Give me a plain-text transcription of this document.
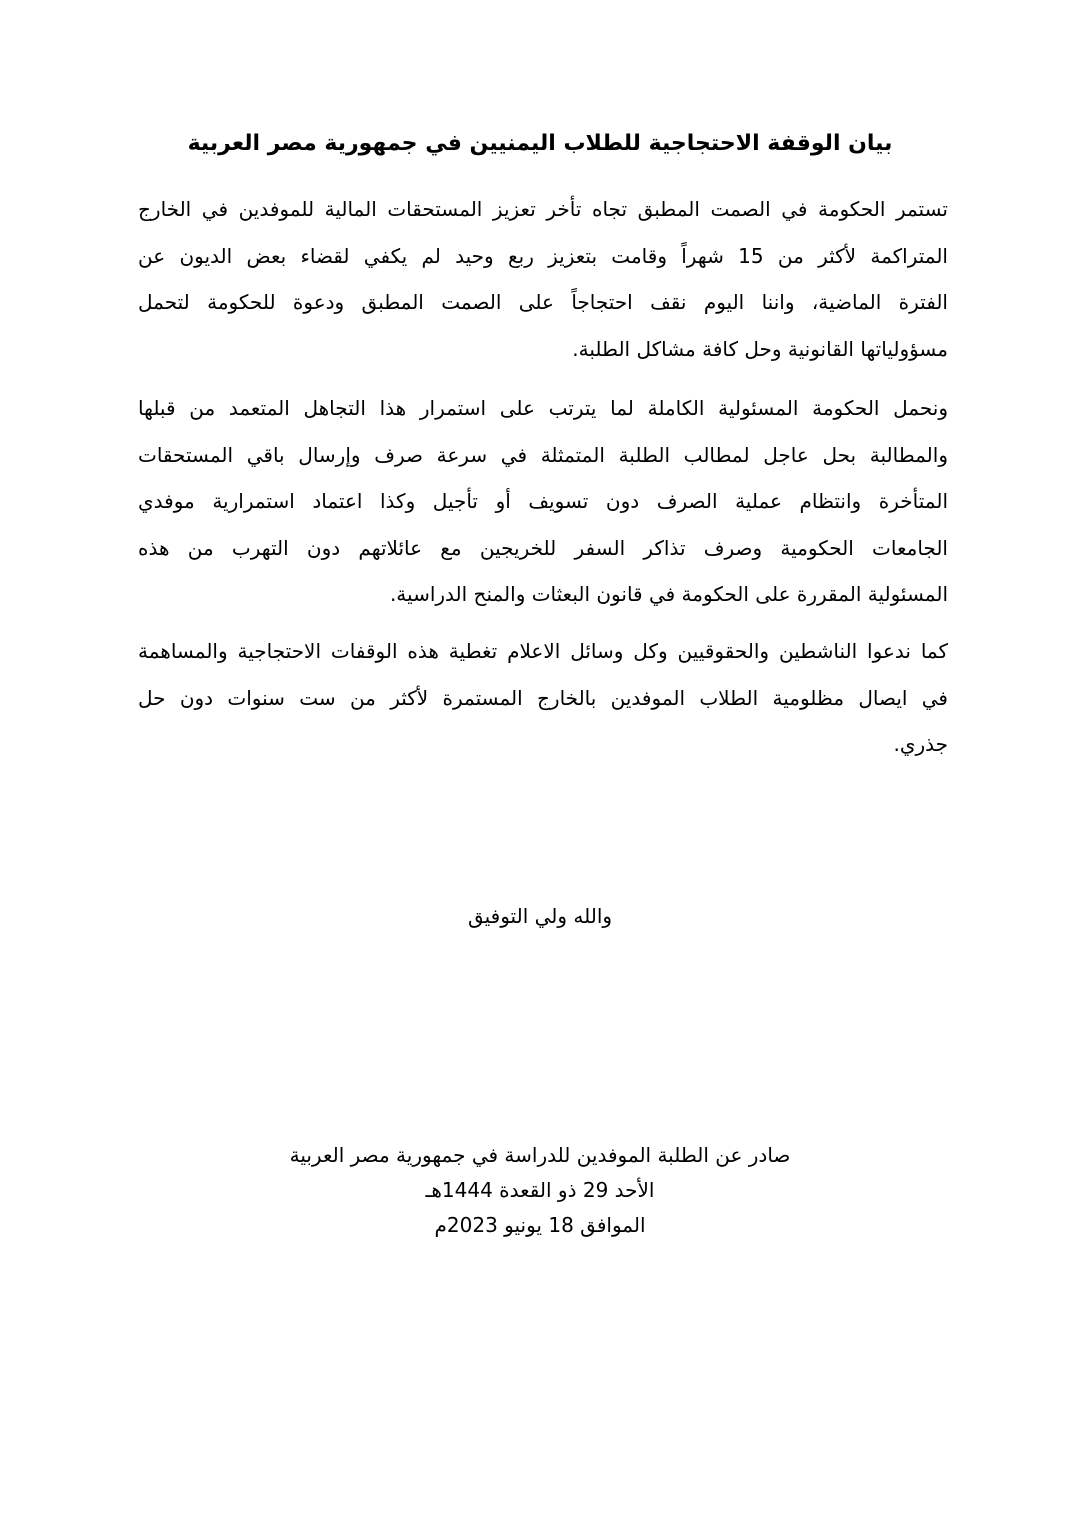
بيان الوقفة الاحتجاجية للطلاب اليمنيين في جمهورية مصر العربية
تستمر الحكومة في الصمت المطبق تجاه تأخر تعزيز المستحقات المالية للموفدين في الخارج
المتراكمة لأكثر من 15 شهراً وقامت بتعزيز ربع وحيد لم يكفي لقضاء بعض الديون عن
الفترة الماضية، واننا اليوم نقف احتجاجاً على الصمت المطبق ودعوة للحكومة لتحمل
مسؤولياتها القانونية وحل كافة مشاكل الطلبة.
ونحمل الحكومة المسئولية الكاملة لما يترتب على استمرار هذا التجاهل المتعمد من قبلها
والمطالبة بحل عاجل لمطالب الطلبة المتمثلة في سرعة صرف وإرسال باقي المستحقات
المتأخرة وانتظام عملية الصرف دون تسويف أو تأجيل وكذا اعتماد استمرارية موفدي
الجامعات الحكومية وصرف تذاكر السفر للخريجين مع عائلاتهم دون التهرب من هذه
المسئولية المقررة على الحكومة في قانون البعثات والمنح الدراسية.
كما ندعوا الناشطين والحقوقيين وكل وسائل الاعلام تغطية هذه الوقفات الاحتجاجية والمساهمة
في ايصال مظلومية الطلاب الموفدين بالخارج المستمرة لأكثر من ست سنوات دون حل
جذري.
والله ولي التوفيق
صادر عن الطلبة الموفدين للدراسة في جمهورية مصر العربية
الأحد 29 ذو القعدة 1444هـ
الموافق 18 يونيو 2023م
